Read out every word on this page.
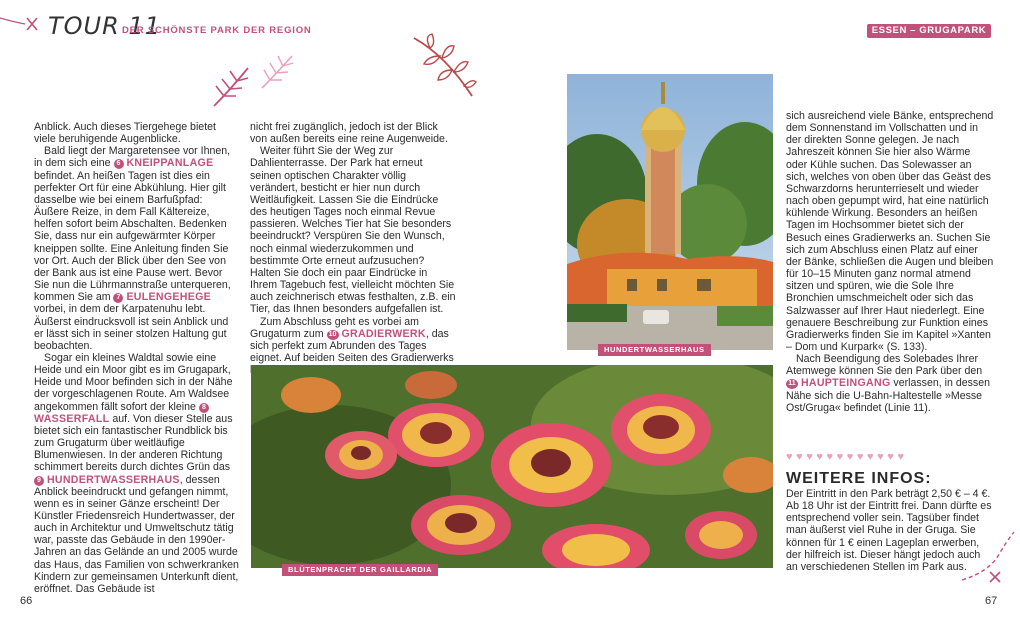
TOUR 11
DER SCHÖNSTE PARK DER REGION	ESSEN – GRUGAPARK

Anblick. Auch dieses Tiergehege bietet viele beruhigende Augenblicke.

Bald liegt der Margaretensee vor Ihnen, in dem sich eine 6 KNEIPPANLAGE befindet. An heißen Tagen ist dies ein perfekter Ort für eine Abkühlung. Hier gilt dasselbe wie bei einem Barfußpfad: Äußere Reize, in dem Fall Kältereize, helfen sofort beim Abschalten. Bedenken Sie, dass nur ein aufgewärmter Körper kneippen sollte. Eine Anleitung finden Sie vor Ort. Auch der Blick über den See von der Bank aus ist eine Pause wert. Bevor Sie nun die Lührmannstraße unterqueren, kommen Sie am 7 EULENGEHEGE vorbei, in dem der Karpatenuhu lebt. Äußerst eindrucksvoll ist sein Anblick und er lässt sich in seiner stolzen Haltung gut beobachten.

Sogar ein kleines Waldtal sowie eine Heide und ein Moor gibt es im Grugapark, Heide und Moor befinden sich in der Nähe der vorgeschlagenen Route. Am Waldsee angekommen fällt sofort der kleine 8 WASSERFALL auf. Von dieser Stelle aus bietet sich ein fantastischer Rundblick bis zum Grugaturm über weitläufige Blumenwiesen. In der anderen Richtung schimmert bereits durch dichtes Grün das 9 HUNDERTWASSERHAUS, dessen Anblick beeindruckt und gefangen nimmt, wenn es in seiner Gänze erscheint! Der Künstler Friedensreich Hundertwasser, der auch in Architektur und Umweltschutz tätig war, passte das Gebäude in den 1990er-Jahren an das Gelände an und 2005 wurde das Haus, das Familien von schwerkranken Kindern zur gemeinsamen Unterkunft dient, eröffnet. Das Gebäude ist

nicht frei zugänglich, jedoch ist der Blick von außen bereits eine reine Augenweide.

Weiter führt Sie der Weg zur Dahlienterrasse. Der Park hat erneut seinen optischen Charakter völlig verändert, besticht er hier nun durch Weitläufigkeit. Lassen Sie die Eindrücke des heutigen Tages noch einmal Revue passieren. Welches Tier hat Sie besonders beeindruckt? Verspüren Sie den Wunsch, noch einmal wiederzukommen und bestimmte Orte erneut aufzusuchen? Halten Sie doch ein paar Eindrücke in Ihrem Tagebuch fest, vielleicht möchten Sie auch zeichnerisch etwas festhalten, z.B. ein Tier, das Ihnen besonders aufgefallen ist.

Zum Abschluss geht es vorbei am Grugaturm zum 10 GRADIERWERK, das sich perfekt zum Abrunden des Tages eignet. Auf beiden Seiten des Gradierwerks

HUNDERTWASSERHAUS
BLÜTENPRACHT DER GAILLARDIA

sich ausreichend viele Bänke, entsprechend dem Sonnenstand im Vollschatten und in der direkten Sonne gelegen. Je nach Jahreszeit können Sie hier also Wärme oder Kühle suchen. Das Solewasser an sich, welches von oben über das Geäst des Schwarzdorns herunterrieselt und wieder nach oben gepumpt wird, hat eine natürlich kühlende Wirkung. Besonders an heißen Tagen im Hochsommer bietet sich der Besuch eines Gradierwerks an. Suchen Sie sich zum Abschluss einen Platz auf einer der Bänke, schließen die Augen und bleiben für 10–15 Minuten ganz normal atmend sitzen und spüren, wie die Sole Ihre Bronchien umschmeichelt oder sich das Salzwasser auf Ihrer Haut niederlegt. Eine genauere Beschreibung zur Funktion eines Gradierwerks finden Sie im Kapitel »Xanten – Dom und Kurpark« (S. 133).

Nach Beendigung des Solebades Ihrer Atemwege können Sie den Park über den 11 HAUPTEINGANG verlassen, in dessen Nähe sich die U-Bahn-Haltestelle »Messe Ost/Gruga« befindet (Linie 11).

♥♥♥♥♥♥♥♥♥♥♥♥
WEITERE INFOS:

Der Eintritt in den Park beträgt 2,50 € – 4 €. Ab 18 Uhr ist der Eintritt frei. Dann dürfte es entsprechend voller sein. Tagsüber findet man äußerst viel Ruhe in der Gruga. Sie können für 1 € einen Lageplan erwerben, der hilfreich ist. Dieser hängt jedoch auch an verschiedenen Stellen im Park aus.

66	67
